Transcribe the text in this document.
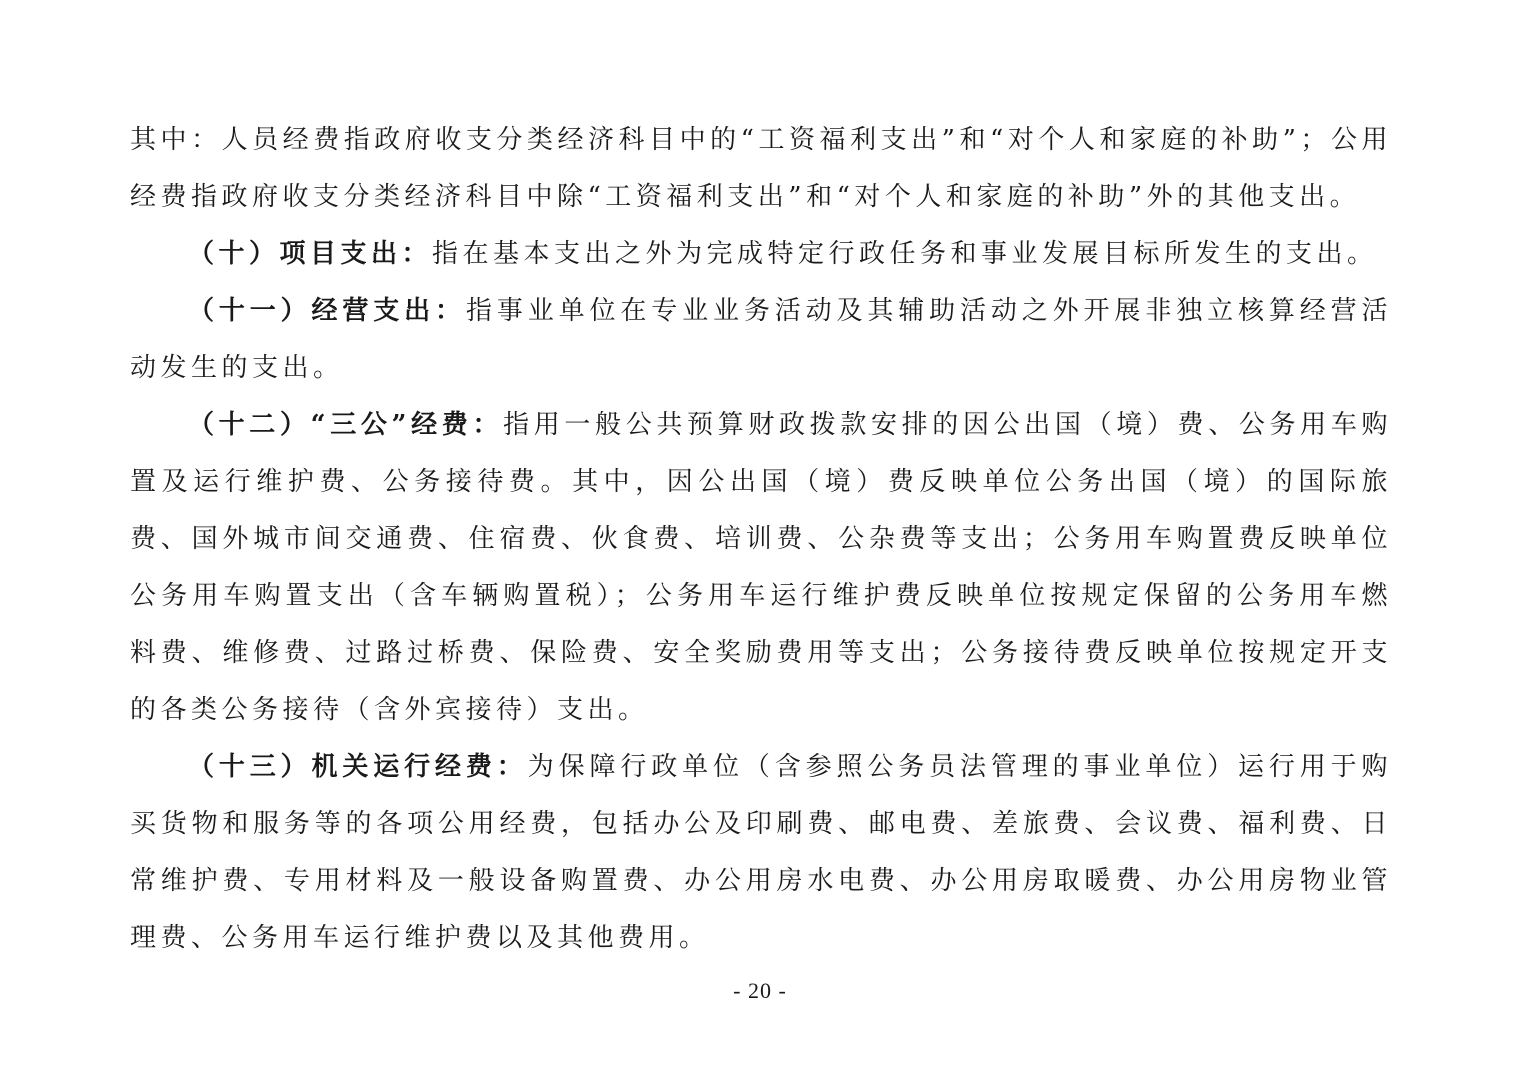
其中：人员经费指政府收支分类经济科目中的“工资福利支出”和“对个人和家庭的补助”；公用经费指政府收支分类经济科目中除“工资福利支出”和“对个人和家庭的补助”外的其他支出。

（十）项目支出：指在基本支出之外为完成特定行政任务和事业发展目标所发生的支出。

（十一）经营支出：指事业单位在专业业务活动及其辅助活动之外开展非独立核算经营活动发生的支出。

（十二）“三公”经费：指用一般公共预算财政拨款安排的因公出国（境）费、公务用车购置及运行维护费、公务接待费。其中，因公出国（境）费反映单位公务出国（境）的国际旅费、国外城市间交通费、住宿费、伙食费、培训费、公杂费等支出；公务用车购置费反映单位公务用车购置支出（含车辆购置税）；公务用车运行维护费反映单位按规定保留的公务用车燃料费、维修费、过路过桥费、保险费、安全奖励费用等支出；公务接待费反映单位按规定开支的各类公务接待（含外宾接待）支出。

（十三）机关运行经费：为保障行政单位（含参照公务员法管理的事业单位）运行用于购买货物和服务等的各项公用经费，包括办公及印刷费、邮电费、差旅费、会议费、福利费、日常维护费、专用材料及一般设备购置费、办公用房水电费、办公用房取暖费、办公用房物业管理费、公务用车运行维护费以及其他费用。

- 20 -
